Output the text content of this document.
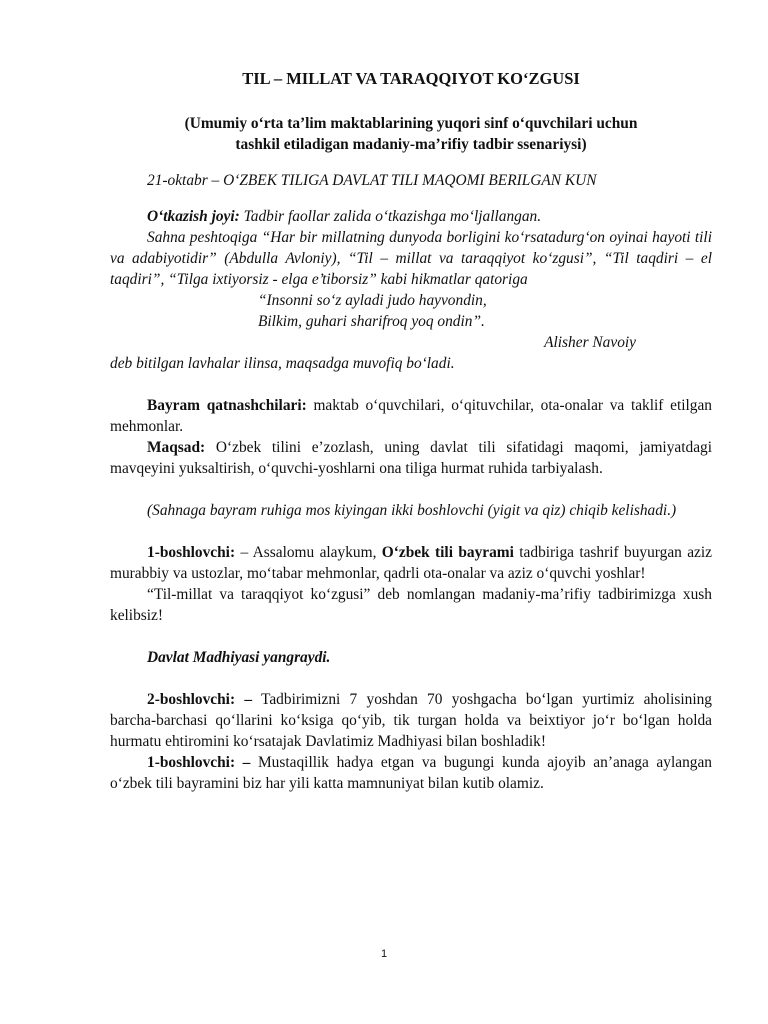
TIL – MILLAT VA TARAQQIYOT KO‘ZGUSI
(Umumiy o‘rta ta’lim maktablarining yuqori sinf o‘quvchilari uchun
tashkil etiladigan madaniy-ma’rifiy tadbir ssenariysi)
21-oktabr – O‘ZBEK TILIGA DAVLAT TILI MAQOMI BERILGAN KUN

O‘tkazish joyi: Tadbir faollar zalida o‘tkazishga mo‘ljallangan.

Sahna peshtoqiga “Har bir millatning dunyoda borligini ko‘rsatadurg‘on oyinai hayoti tili va adabiyotidir” (Abdulla Avloniy), “Til – millat va taraqqiyot ko‘zgusi”, “Til taqdiri – el taqdiri”, “Tilga ixtiyorsiz - elga e’tiborsiz” kabi hikmatlar qatoriga

“Insonni so‘z ayladi judo hayvondin,
Bilkim, guhari sharifroq yoq ondin”.
Alisher Navoiy

deb bitilgan lavhalar ilinsa, maqsadga muvofiq bo‘ladi.

Bayram qatnashchilari: maktab o‘quvchilari, o‘qituvchilar, ota-onalar va taklif etilgan mehmonlar.

Maqsad: O‘zbek tilini e’zozlash, uning davlat tili sifatidagi maqomi, jamiyatdagi mavqeyini yuksaltirish, o‘quvchi-yoshlarni ona tiliga hurmat ruhida tarbiyalash.

(Sahnaga bayram ruhiga mos kiyingan ikki boshlovchi (yigit va qiz) chiqib kelishadi.)

1-boshlovchi: – Assalomu alaykum, O‘zbek tili bayrami tadbiriga tashrif buyurgan aziz murabbiy va ustozlar, mo‘tabar mehmonlar, qadrli ota-onalar va aziz o‘quvchi yoshlar!

“Til-millat va taraqqiyot ko‘zgusi” deb nomlangan madaniy-ma’rifiy tadbirimizga xush kelibsiz!

Davlat Madhiyasi yangraydi.

2-boshlovchi: – Tadbirimizni 7 yoshdan 70 yoshgacha bo‘lgan yurtimiz aholisining barcha-barchasi qo‘llarini ko‘ksiga qo‘yib, tik turgan holda va beixtiyor jo‘r bo‘lgan holda hurmatu ehtiromini ko‘rsatajak Davlatimiz Madhiyasi bilan boshladik!

1-boshlovchi: – Mustaqillik hadya etgan va bugungi kunda ajoyib an’anaga aylangan o‘zbek tili bayramini biz har yili katta mamnuniyat bilan kutib olamiz.

1
